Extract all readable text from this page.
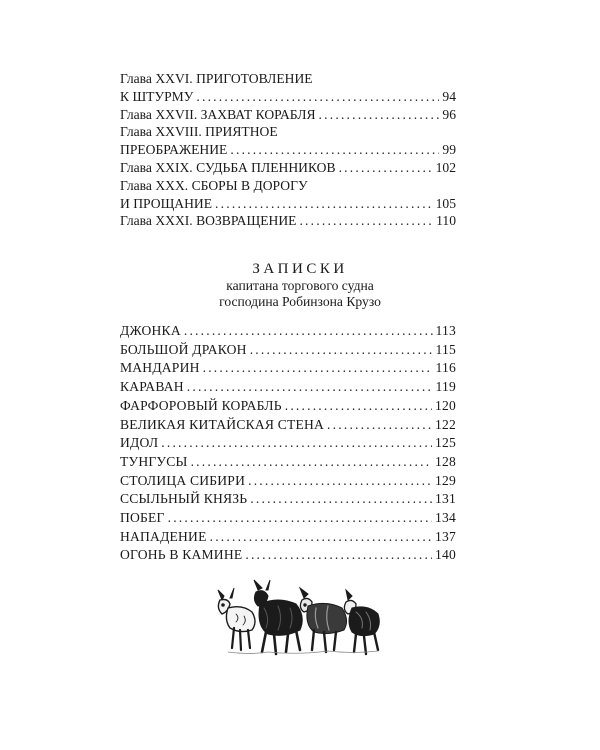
Глава XXVI. ПРИГОТОВЛЕНИЕ
К ШТУРМУ .....	94
Глава XXVII. ЗАХВАТ КОРАБЛЯ .....	96
Глава XXVIII. ПРИЯТНОЕ
ПРЕОБРАЖЕНИЕ .....	99
Глава XXIX. СУДЬБА ПЛЕННИКОВ .....	102
Глава XXX. СБОРЫ В ДОРОГУ
И ПРОЩАНИЕ .....	105
Глава XXXI. ВОЗВРАЩЕНИЕ .....	110
ЗАПИСКИ
капитана торгового судна
господина Робинзона Крузо
ДЖОНКА .....	113
БОЛЬШОЙ ДРАКОН .....	115
МАНДАРИН .....	116
КАРАВАН .....	119
ФАРФОРОВЫЙ КОРАБЛЬ .....	120
ВЕЛИКАЯ КИТАЙСКАЯ СТЕНА .....	122
ИДОЛ .....	125
ТУНГУСЫ .....	128
СТОЛИЦА СИБИРИ .....	129
ССЫЛЬНЫЙ КНЯЗЬ .....	131
ПОБЕГ .....	134
НАПАДЕНИЕ .....	137
ОГОНЬ В КАМИНЕ .....	140
